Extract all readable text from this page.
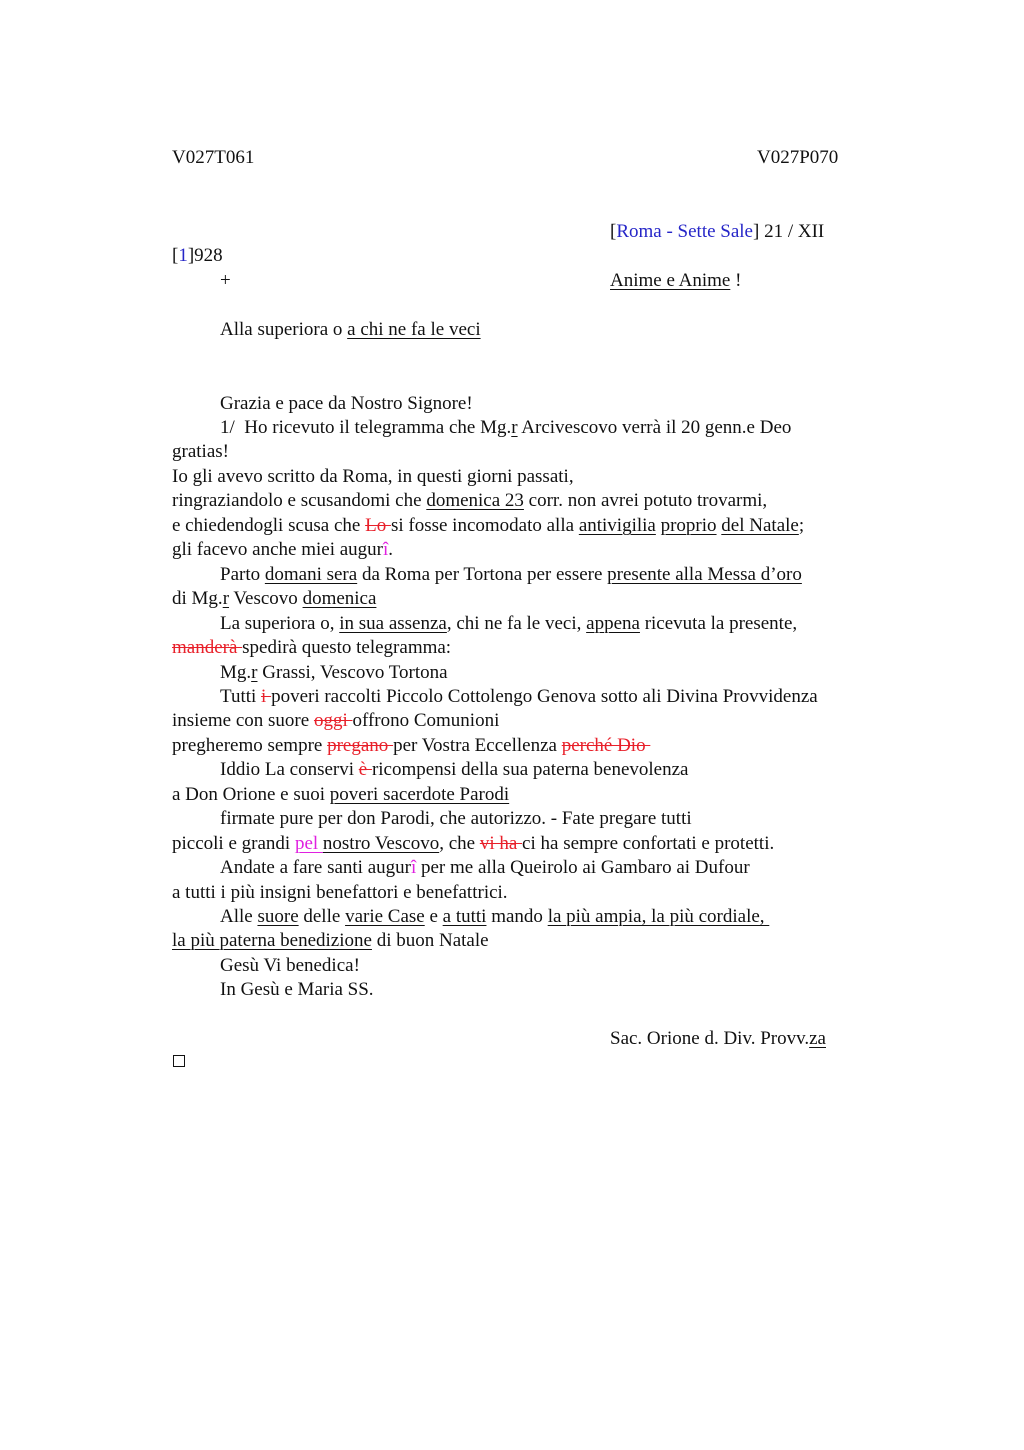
V027T061	V027P070
[Roma - Sette Sale] 21 / XII
[1]928
+	Anime e Anime !
Alla superiora o a chi ne fa le veci
Grazia e pace da Nostro Signore!
1/  Ho ricevuto il telegramma che Mg.r Arcivescovo verrà il 20 genn.e Deo
gratias!
Io gli avevo scritto da Roma, in questi giorni passati,
ringraziandolo e scusandomi che domenica 23 corr. non avrei potuto trovarmi,
e chiedendogli scusa che Lo si fosse incomodato alla antivigilia proprio del Natale;
gli facevo anche miei augurî.
Parto domani sera da Roma per Tortona per essere presente alla Messa d’oro
di Mg.r Vescovo domenica
La superiora o, in sua assenza, chi ne fa le veci, appena ricevuta la presente,
manderà spedirà questo telegramma:
Mg.r Grassi, Vescovo Tortona
Tutti i poveri raccolti Piccolo Cottolengo Genova sotto ali Divina Provvidenza
insieme con suore oggi offrono Comunioni
pregheremo sempre pregano per Vostra Eccellenza perché Dio
Iddio La conservi è ricompensi della sua paterna benevolenza
a Don Orione e suoi poveri sacerdote Parodi
firmate pure per don Parodi, che autorizzo. - Fate pregare tutti
piccoli e grandi pel nostro Vescovo, che vi ha ci ha sempre confortati e protetti.
Andate a fare santi augurî per me alla Queirolo ai Gambaro ai Dufour
a tutti i più insigni benefattori e benefattrici.
Alle suore delle varie Case e a tutti mando la più ampia, la più cordiale,
la più paterna benedizione di buon Natale
Gesù Vi benedica!
In Gesù e Maria SS.
Sac. Orione d. Div. Provv.za
